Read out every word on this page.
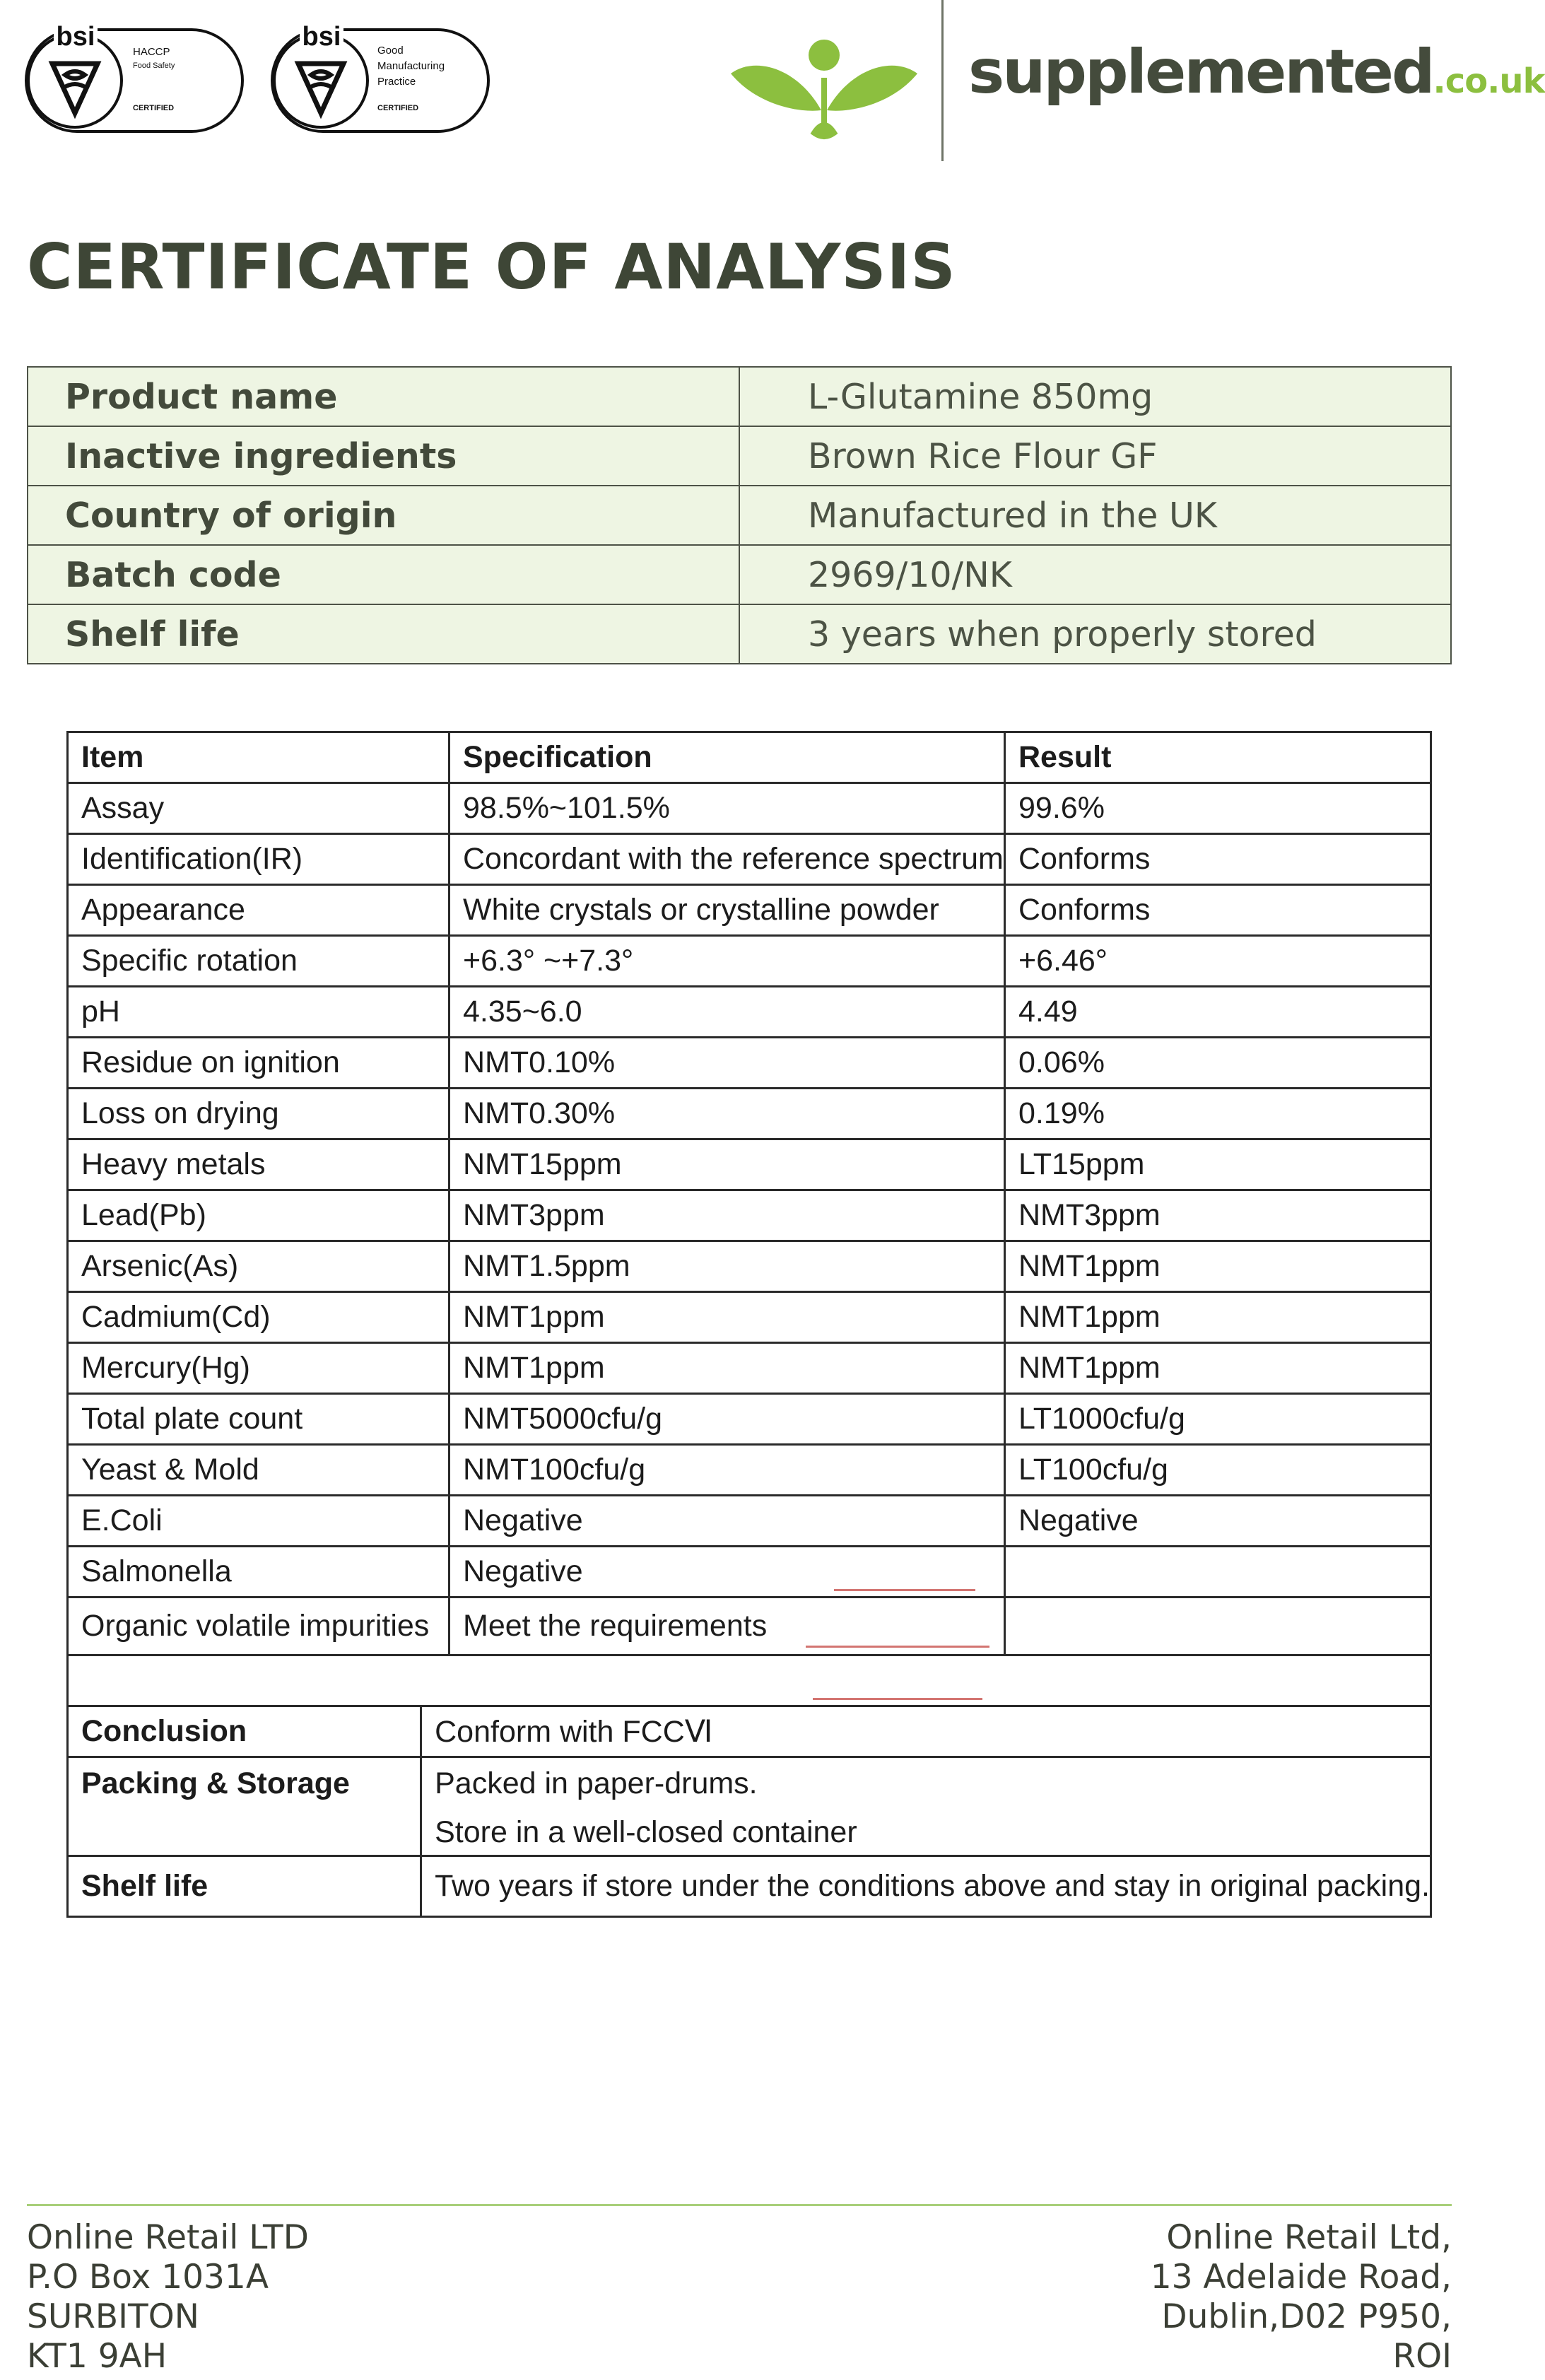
bsi
HACCP
Food Safety
CERTIFIED
bsi	Good
Manufacturing
Practice
CERTIFIED
supplemented.co.uk
CERTIFICATE OF ANALYSIS
Product name	L-Glutamine 850mg
Inactive ingredients	Brown Rice Flour GF
Country of origin	Manufactured in the UK
Batch code	2969/10/NK
Shelf life	3 years when properly stored
Item	Specification	Result
Assay	98.5%~101.5%	99.6%
Identification(IR)	Concordant with the reference spectrum	Conforms
Appearance	White crystals or crystalline powder	Conforms
Specific rotation	+6.3° ~+7.3°	+6.46°
pH	4.35~6.0	4.49
Residue on ignition	NMT0.10%	0.06%
Loss on drying	NMT0.30%	0.19%
Heavy metals	NMT15ppm	LT15ppm
Lead(Pb)	NMT3ppm	NMT3ppm
Arsenic(As)	NMT1.5ppm	NMT1ppm
Cadmium(Cd)	NMT1ppm	NMT1ppm
Mercury(Hg)	NMT1ppm	NMT1ppm
Total plate count	NMT5000cfu/g	LT1000cfu/g
Yeast & Mold	NMT100cfu/g	LT100cfu/g
E.Coli	Negative	Negative
Salmonella	Negative	
Organic volatile impurities	Meet the requirements	

Conclusion	Conform with FCCⅥ
Packing & Storage	Packed in paper-drums.
Store in a well-closed container

Shelf life	Two years if store under the conditions above and stay in original packing.
Online Retail LTD
P.O Box 1031A
SURBITON
KT1 9AH
Online Retail Ltd,
13 Adelaide Road,
Dublin,D02 P950,
ROI
